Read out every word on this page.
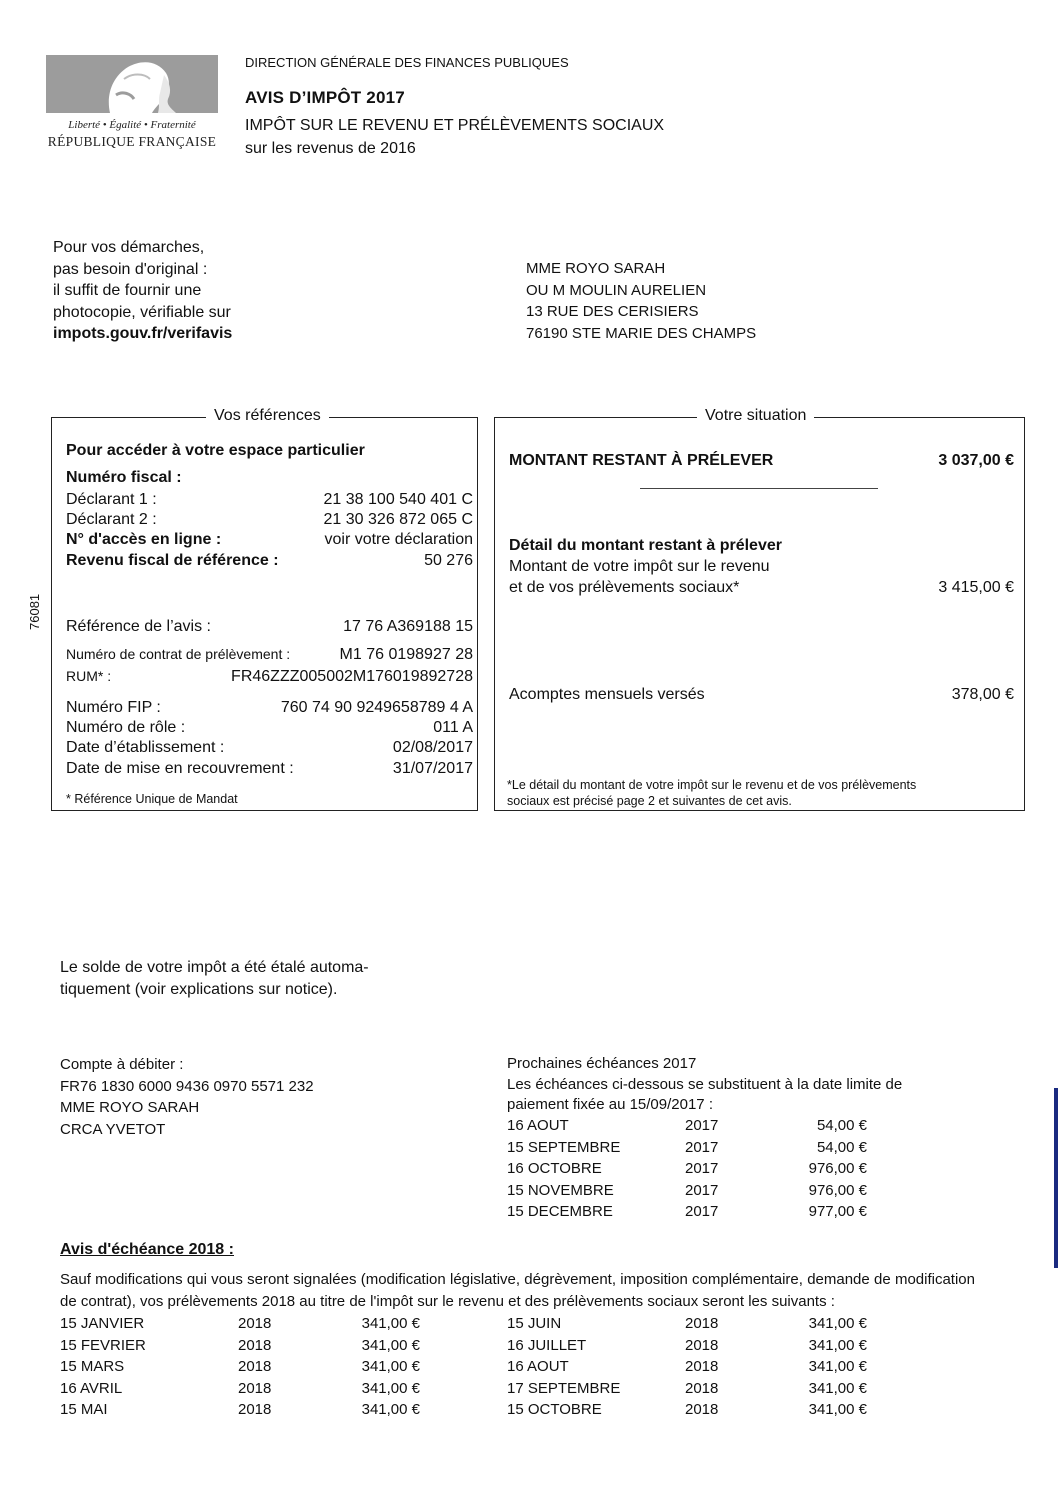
Liberté • Égalité • Fraternité
RÉPUBLIQUE FRANÇAISE
DIRECTION GÉNÉRALE DES FINANCES PUBLIQUES
AVIS D’IMPÔT 2017
IMPÔT SUR LE REVENU ET PRÉLÈVEMENTS SOCIAUX
sur les revenus de 2016
Pour vos démarches,
pas besoin d'original :
il suffit de fournir une
photocopie, vérifiable sur
impots.gouv.fr/verifavis
MME ROYO SARAH
OU M MOULIN AURELIEN
13 RUE DES CERISIERS
76190 STE MARIE DES CHAMPS
76081
Vos références
Pour accéder à votre espace particulier
Numéro fiscal :
Déclarant 1 :	21 38 100 540 401 C
Déclarant 2 :	21 30 326 872 065 C
N° d'accès en ligne :	voir votre déclaration
Revenu fiscal de référence :	50 276
Référence de l’avis :	17 76 A369188 15
Numéro de contrat de prélèvement :	M1 76 0198927 28
RUM* :	FR46ZZZ005002M176019892728
Numéro FIP :	760 74 90 9249658789 4 A
Numéro de rôle :	011 A
Date d’établissement :	02/08/2017
Date de mise en recouvrement :	31/07/2017
* Référence Unique de Mandat
Votre situation
MONTANT RESTANT À PRÉLEVER	3 037,00 €
Détail du montant restant à prélever
Montant de votre impôt sur le revenu
et de vos prélèvements sociaux*	3 415,00 €
Acomptes mensuels versés	378,00 €
*Le détail du montant de votre impôt sur le revenu et de vos prélèvements
sociaux est précisé page 2 et suivantes de cet avis.
Le solde de votre impôt a été étalé automa-
tiquement (voir explications sur notice).
Compte à débiter :
FR76 1830 6000 9436 0970 5571 232
MME ROYO SARAH
CRCA YVETOT
Prochaines échéances 2017
Les échéances ci-dessous se substituent à la date limite de
paiement fixée au 15/09/2017 :
16 AOUT	2017	54,00 €
15 SEPTEMBRE	2017	54,00 €
16 OCTOBRE	2017	976,00 €
15 NOVEMBRE	2017	976,00 €
15 DECEMBRE	2017	977,00 €
Avis d'échéance 2018 :
Sauf modifications qui vous seront signalées (modification législative, dégrèvement, imposition complémentaire, demande de modification de contrat), vos prélèvements 2018 au titre de l'impôt sur le revenu et des prélèvements sociaux seront les suivants :
15 JANVIER	2018	341,00 €
15 FEVRIER	2018	341,00 €
15 MARS	2018	341,00 €
16 AVRIL	2018	341,00 €
15 MAI	2018	341,00 €
15 JUIN	2018	341,00 €
16 JUILLET	2018	341,00 €
16 AOUT	2018	341,00 €
17 SEPTEMBRE	2018	341,00 €
15 OCTOBRE	2018	341,00 €
